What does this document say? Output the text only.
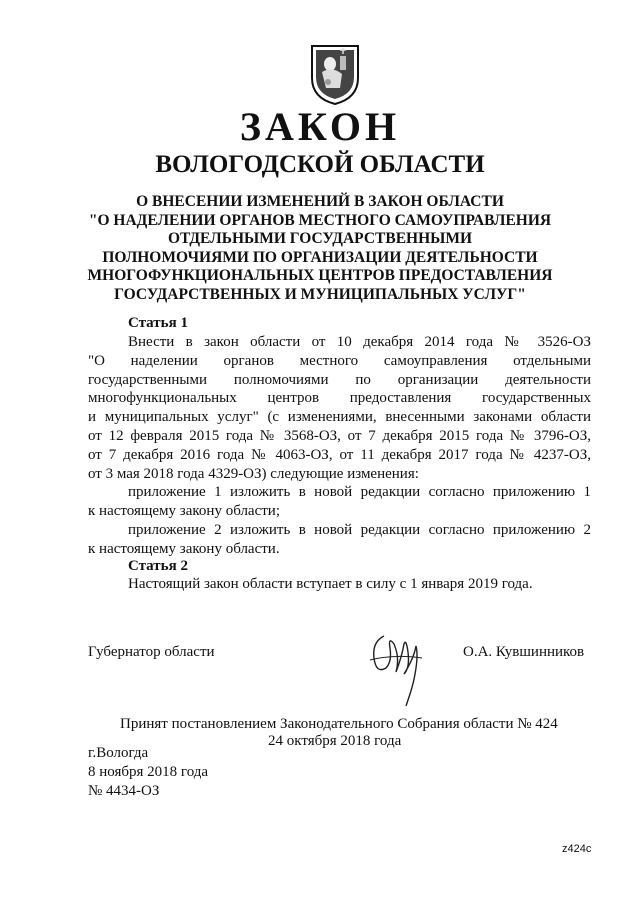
ЗАКОН
ВОЛОГОДСКОЙ ОБЛАСТИ
О ВНЕСЕНИИ ИЗМЕНЕНИЙ В ЗАКОН ОБЛАСТИ
"О НАДЕЛЕНИИ ОРГАНОВ МЕСТНОГО САМОУПРАВЛЕНИЯ
ОТДЕЛЬНЫМИ ГОСУДАРСТВЕННЫМИ
ПОЛНОМОЧИЯМИ ПО ОРГАНИЗАЦИИ ДЕЯТЕЛЬНОСТИ
МНОГОФУНКЦИОНАЛЬНЫХ ЦЕНТРОВ ПРЕДОСТАВЛЕНИЯ
ГОСУДАРСТВЕННЫХ И МУНИЦИПАЛЬНЫХ УСЛУГ"
Статья 1
Внести в закон области от 10 декабря 2014 года № 3526-ОЗ
"О наделении органов местного самоуправления отдельными
государственными полномочиями по организации деятельности
многофункциональных центров предоставления государственных
и муниципальных услуг" (с изменениями, внесенными законами области
от 12 февраля 2015 года № 3568-ОЗ, от 7 декабря 2015 года № 3796-ОЗ,
от 7 декабря 2016 года № 4063-ОЗ, от 11 декабря 2017 года № 4237-ОЗ,
от 3 мая 2018 года 4329-ОЗ) следующие изменения:
приложение 1 изложить в новой редакции согласно приложению 1
к настоящему закону области;
приложение 2 изложить в новой редакции согласно приложению 2
к настоящему закону области.
Статья 2
Настоящий закон области вступает в силу с 1 января 2019 года.
Губернатор области	О.А. Кувшинников
Принят постановлением Законодательного Собрания области № 424
24 октября 2018 года
г.Вологда
8 ноября 2018 года
№ 4434-ОЗ
z424c
